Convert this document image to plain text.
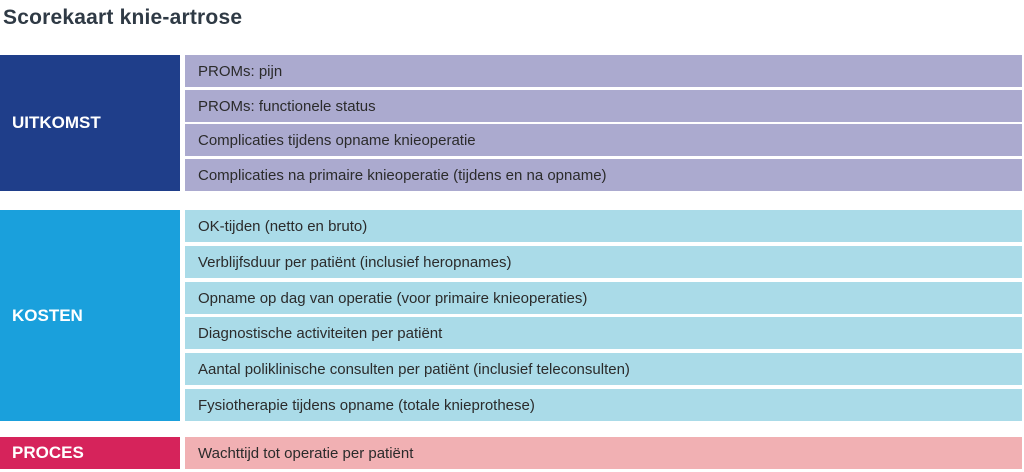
Scorekaart knie-artrose
UITKOMST
PROMs: pijn
PROMs: functionele status
Complicaties tijdens opname knieoperatie
Complicaties na primaire knieoperatie (tijdens en na opname)
KOSTEN
OK-tijden (netto en bruto)
Verblijfsduur per patiënt (inclusief heropnames)
Opname op dag van operatie (voor primaire knieoperaties)
Diagnostische activiteiten per patiënt
Aantal poliklinische consulten per patiënt (inclusief teleconsulten)
Fysiotherapie tijdens opname (totale knieprothese)
PROCES	Wachttijd tot operatie per patiënt
